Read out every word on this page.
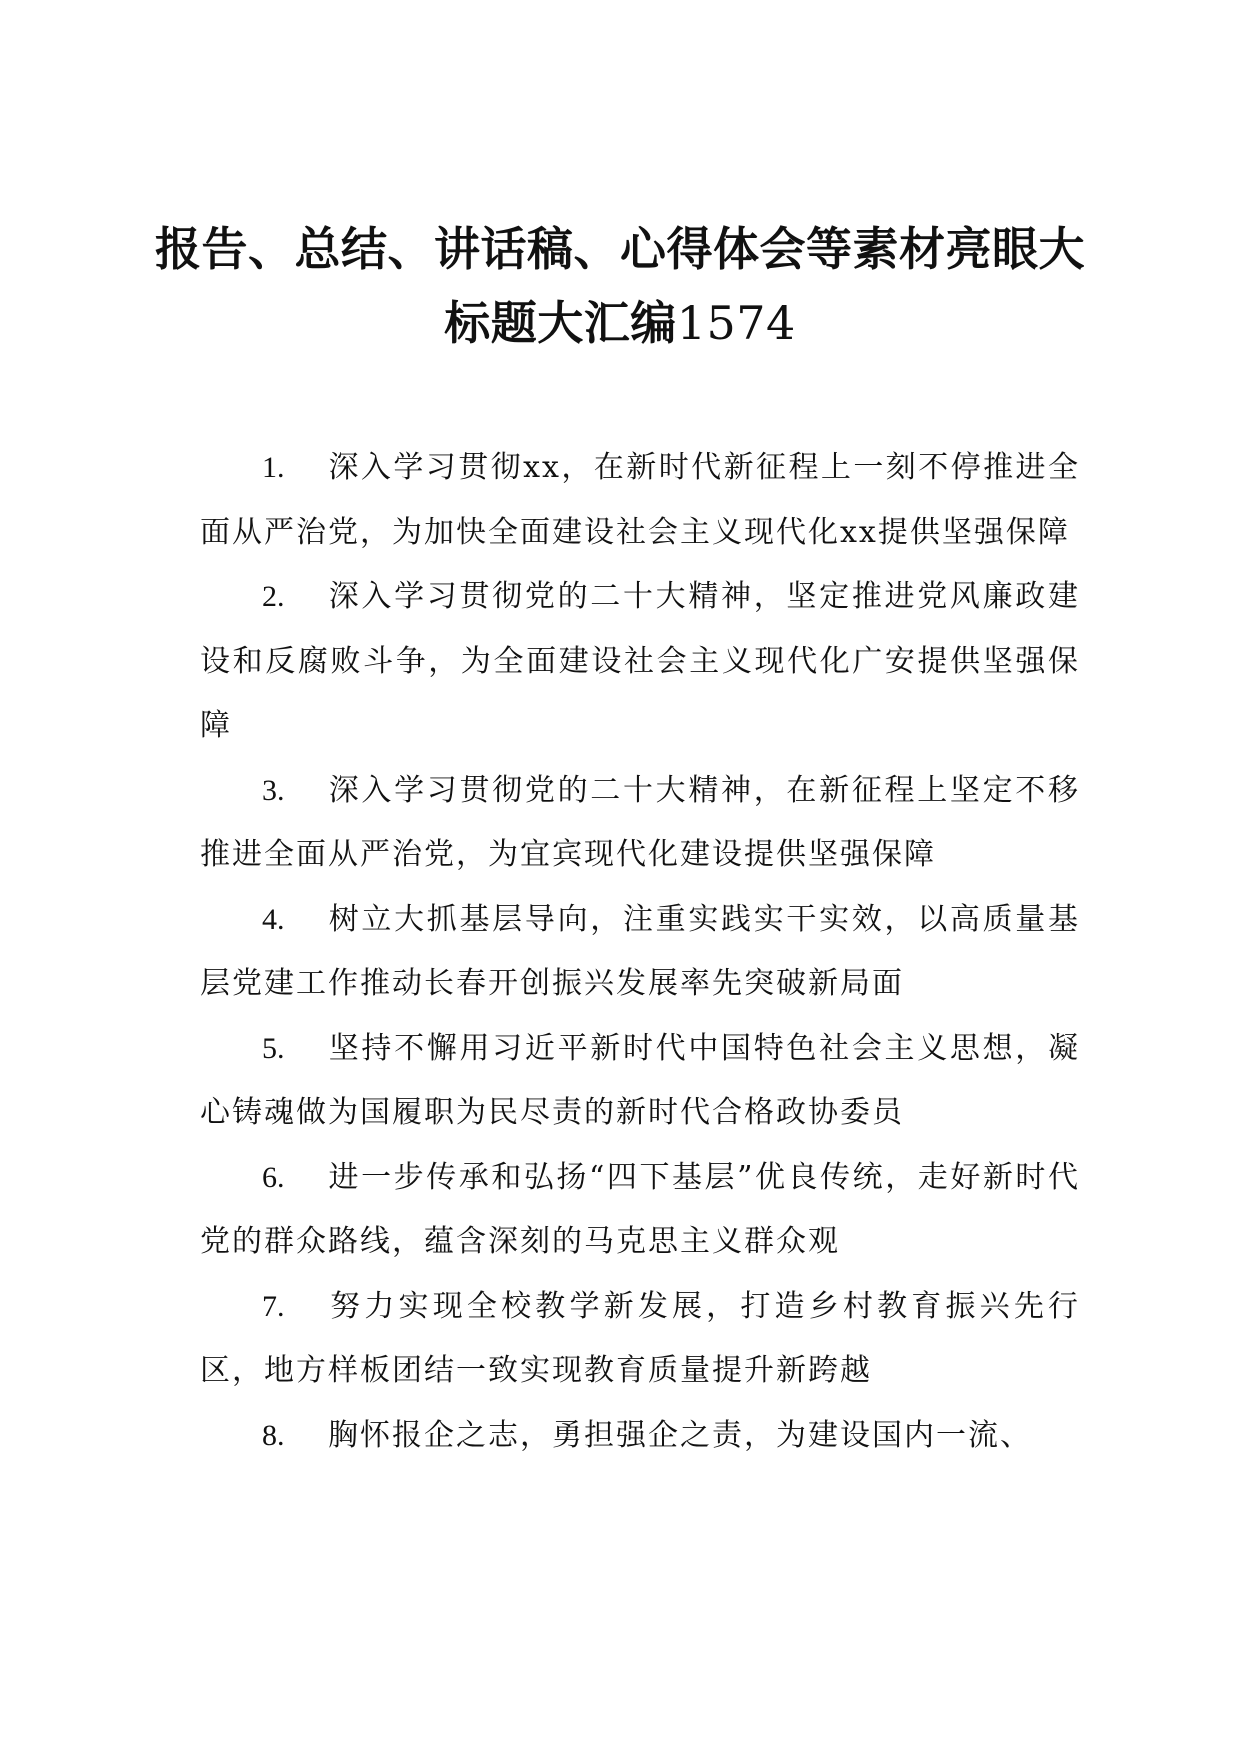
报告、总结、讲话稿、心得体会等素材亮眼大
标题大汇编1574

1. 深入学习贯彻xx，在新时代新征程上一刻不停推进全面从严治党，为加快全面建设社会主义现代化xx提供坚强保障

2. 深入学习贯彻党的二十大精神，坚定推进党风廉政建设和反腐败斗争，为全面建设社会主义现代化广安提供坚强保障

3. 深入学习贯彻党的二十大精神，在新征程上坚定不移推进全面从严治党，为宜宾现代化建设提供坚强保障

4. 树立大抓基层导向，注重实践实干实效，以高质量基层党建工作推动长春开创振兴发展率先突破新局面

5. 坚持不懈用习近平新时代中国特色社会主义思想，凝心铸魂做为国履职为民尽责的新时代合格政协委员

6. 进一步传承和弘扬“四下基层”优良传统，走好新时代党的群众路线，蕴含深刻的马克思主义群众观

7. 努力实现全校教学新发展，打造乡村教育振兴先行区，地方样板团结一致实现教育质量提升新跨越

8. 胸怀报企之志，勇担强企之责，为建设国内一流、
